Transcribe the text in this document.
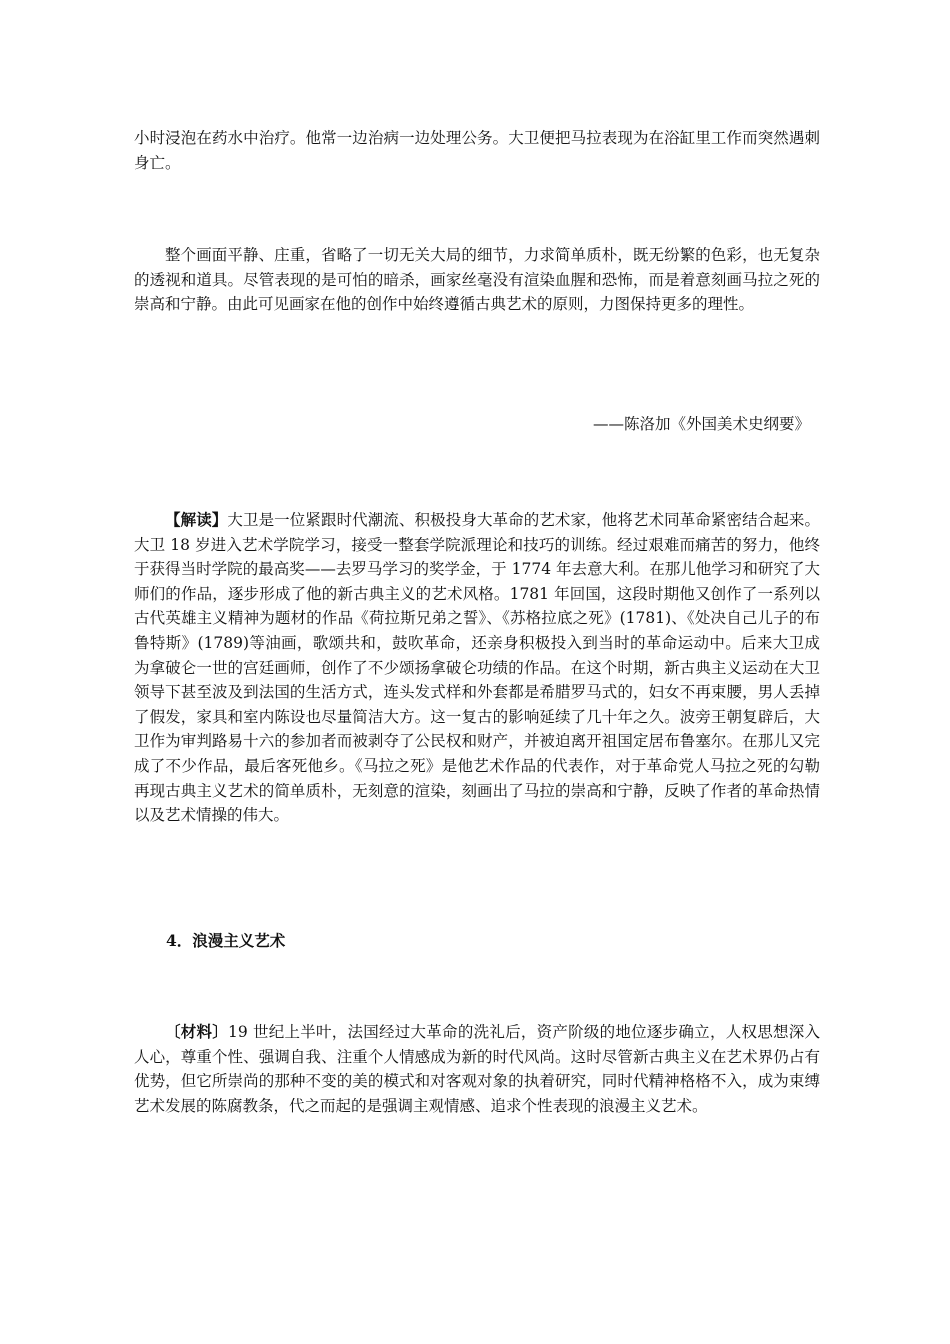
小时浸泡在药水中治疗。他常一边治病一边处理公务。大卫便把马拉表现为在浴缸里工作而突然遇刺身亡。

整个画面平静、庄重，省略了一切无关大局的细节，力求简单质朴，既无纷繁的色彩，也无复杂的透视和道具。尽管表现的是可怕的暗杀，画家丝毫没有渲染血腥和恐怖，而是着意刻画马拉之死的崇高和宁静。由此可见画家在他的创作中始终遵循古典艺术的原则，力图保持更多的理性。

——陈洛加《外国美术史纲要》

【解读】大卫是一位紧跟时代潮流、积极投身大革命的艺术家，他将艺术同革命紧密结合起来。大卫 18 岁进入艺术学院学习，接受一整套学院派理论和技巧的训练。经过艰难而痛苦的努力，他终于获得当时学院的最高奖——去罗马学习的奖学金，于 1774 年去意大利。在那儿他学习和研究了大师们的作品，逐步形成了他的新古典主义的艺术风格。1781 年回国，这段时期他又创作了一系列以古代英雄主义精神为题材的作品《荷拉斯兄弟之誓》、《苏格拉底之死》(1781)、《处决自己儿子的布鲁特斯》(1789)等油画，歌颂共和，鼓吹革命，还亲身积极投入到当时的革命运动中。后来大卫成为拿破仑一世的宫廷画师，创作了不少颂扬拿破仑功绩的作品。在这个时期，新古典主义运动在大卫领导下甚至波及到法国的生活方式，连头发式样和外套都是希腊罗马式的，妇女不再束腰，男人丢掉了假发，家具和室内陈设也尽量简洁大方。这一复古的影响延续了几十年之久。波旁王朝复辟后，大卫作为审判路易十六的参加者而被剥夺了公民权和财产，并被迫离开祖国定居布鲁塞尔。在那儿又完成了不少作品，最后客死他乡。《马拉之死》是他艺术作品的代表作，对于革命党人马拉之死的勾勒再现古典主义艺术的简单质朴，无刻意的渲染，刻画出了马拉的崇高和宁静，反映了作者的革命热情以及艺术情操的伟大。

4．浪漫主义艺术

〔材料〕19 世纪上半叶，法国经过大革命的洗礼后，资产阶级的地位逐步确立，人权思想深入人心，尊重个性、强调自我、注重个人情感成为新的时代风尚。这时尽管新古典主义在艺术界仍占有优势，但它所崇尚的那种不变的美的模式和对客观对象的执着研究，同时代精神格格不入，成为束缚艺术发展的陈腐教条，代之而起的是强调主观情感、追求个性表现的浪漫主义艺术。
